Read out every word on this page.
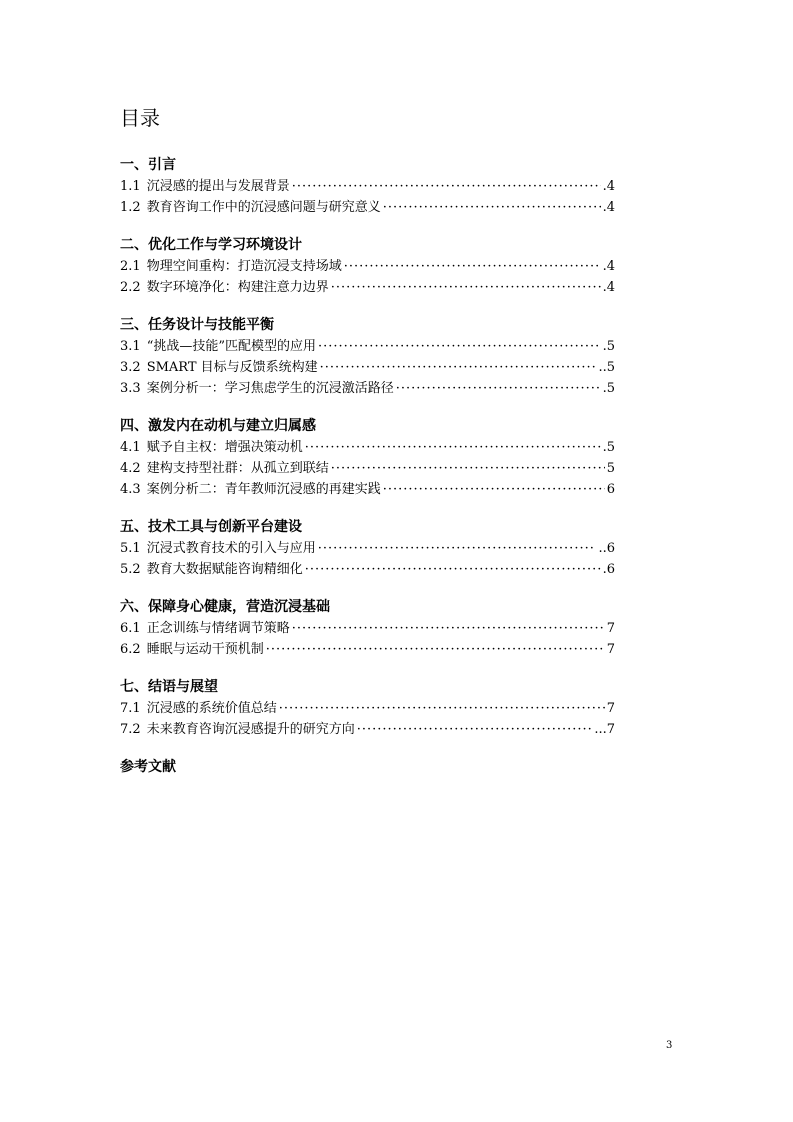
目录
一、引言
1.1 沉浸感的提出与发展背景 ·····	.4
1.2 教育咨询工作中的沉浸感问题与研究意义 ·····	.4
二、优化工作与学习环境设计
2.1 物理空间重构：打造沉浸支持场域 ·····	.4
2.2 数字环境净化：构建注意力边界 ·····	.4
三、任务设计与技能平衡
3.1 “挑战—技能”匹配模型的应用 ·····	.5
3.2 SMART 目标与反馈系统构建 ·····	..5
3.3 案例分析一：学习焦虑学生的沉浸激活路径 ·····	.5
四、激发内在动机与建立归属感
4.1 赋予自主权：增强决策动机 ·····	.5
4.2 建构支持型社群：从孤立到联结 ·····	5
4.3 案例分析二：青年教师沉浸感的再建实践 ·····	6
五、技术工具与创新平台建设
5.1 沉浸式教育技术的引入与应用 ·····	..6
5.2 教育大数据赋能咨询精细化 ·····	.6
六、保障身心健康，营造沉浸基础
6.1 正念训练与情绪调节策略 ·····	7
6.2 睡眠与运动干预机制 ·····	7
七、结语与展望
7.1 沉浸感的系统价值总结 ·····	7
7.2 未来教育咨询沉浸感提升的研究方向 ·····	...7
参考文献
3
